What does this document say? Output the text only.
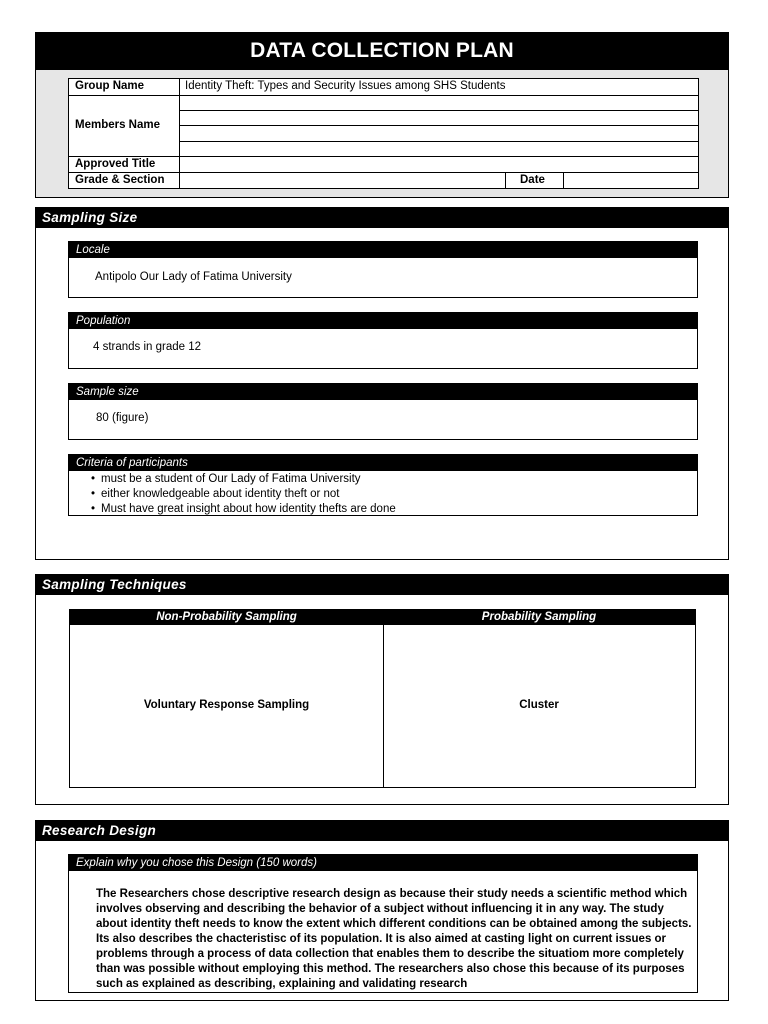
DATA COLLECTION PLAN
Group Name	Identity Theft: Types and Security Issues among SHS Students
Members Name
Approved Title
Grade & Section	Date
Sampling Size
Locale
Antipolo Our Lady of Fatima University
Population
4 strands in grade 12
Sample size
80 (figure)
Criteria of participants
• must be a student of Our Lady of Fatima University
• either knowledgeable about identity theft or not
• Must have great insight about how identity thefts are done
Sampling Techniques
Non-Probability Sampling	Probability Sampling
Voluntary Response Sampling	Cluster
Research Design
Explain why you chose this Design (150 words)
The Researchers chose descriptive research design as because their study needs a scientific method which involves observing and describing the behavior of a subject without influencing it in any way. The study about identity theft needs to know the extent which different conditions can be obtained among the subjects. Its also describes the chacteristisc of its population. It is also aimed at casting light on current issues or problems through a process of data collection that enables them to describe the situatiom more completely than was possible without employing this method. The researchers also chose this because of its purposes such as explained as describing, explaining and validating research
